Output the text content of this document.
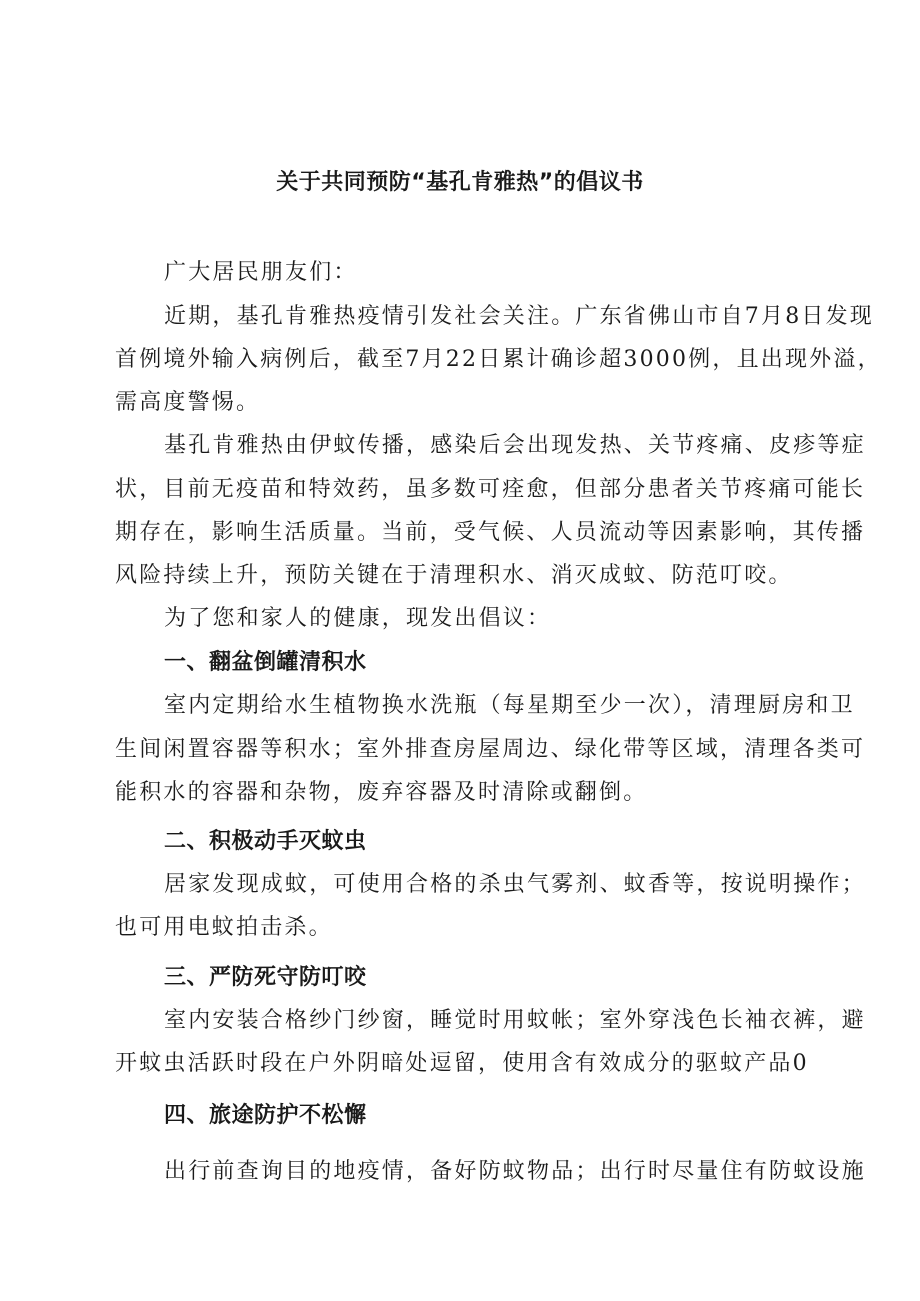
关于共同预防“基孔肯雅热”的倡议书
广大居民朋友们：
近期，基孔肯雅热疫情引发社会关注。广东省佛山市自7月8日发现
首例境外输入病例后，截至7月22日累计确诊超3000例，且出现外溢，
需高度警惕。
基孔肯雅热由伊蚊传播，感染后会出现发热、关节疼痛、皮疹等症
状，目前无疫苗和特效药，虽多数可痊愈，但部分患者关节疼痛可能长
期存在，影响生活质量。当前，受气候、人员流动等因素影响，其传播
风险持续上升，预防关键在于清理积水、消灭成蚊、防范叮咬。
为了您和家人的健康，现发出倡议：
一、翻盆倒罐清积水
室内定期给水生植物换水洗瓶（每星期至少一次），清理厨房和卫
生间闲置容器等积水；室外排查房屋周边、绿化带等区域，清理各类可
能积水的容器和杂物，废弃容器及时清除或翻倒。
二、积极动手灭蚊虫
居家发现成蚊，可使用合格的杀虫气雾剂、蚊香等，按说明操作；
也可用电蚊拍击杀。
三、严防死守防叮咬
室内安装合格纱门纱窗，睡觉时用蚊帐；室外穿浅色长袖衣裤，避
开蚊虫活跃时段在户外阴暗处逗留，使用含有效成分的驱蚊产品0
四、旅途防护不松懈
出行前查询目的地疫情，备好防蚊物品；出行时尽量住有防蚊设施
